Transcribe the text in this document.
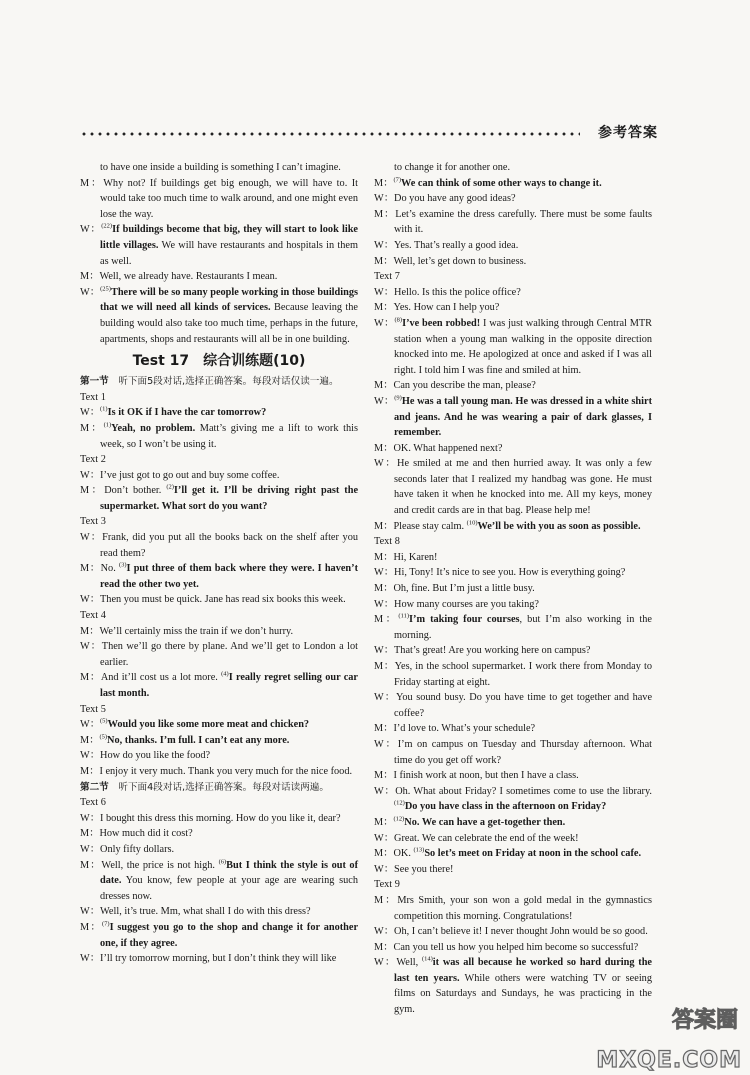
参考答案
to have one inside a building is something I can’t imagine.
M：Why not? If buildings get big enough, we will have to. It would take too much time to walk around, and one might even lose the way.
W：$^{(22)}$If buildings become that big, they will start to look like little villages. We will have restaurants and hospitals in them as well.
M：Well, we already have. Restaurants I mean.
W：$^{(25)}$There will be so many people working in those buildings that we will need all kinds of services. Because leaving the building would also take too much time, perhaps in the future, apartments, shops and restaurants will all be in one building.
Test 17　综合训练题(10)
第一节　听下面5段对话,选择正确答案。每段对话仅读一遍。
Text 1
W：$^{(1)}$Is it OK if I have the car tomorrow?
M：$^{(1)}$Yeah, no problem. Matt’s giving me a lift to work this week, so I won’t be using it.
Text 2
W：I’ve just got to go out and buy some coffee.
M：Don’t bother. $^{(2)}$I’ll get it. I’ll be driving right past the supermarket. What sort do you want?
Text 3
W：Frank, did you put all the books back on the shelf after you read them?
M：No. $^{(3)}$I put three of them back where they were. I haven’t read the other two yet.
W：Then you must be quick. Jane has read six books this week.
Text 4
M：We’ll certainly miss the train if we don’t hurry.
W：Then we’ll go there by plane. And we’ll get to London a lot earlier.
M：And it’ll cost us a lot more. $^{(4)}$I really regret selling our car last month.
Text 5
W：$^{(5)}$Would you like some more meat and chicken?
M：$^{(5)}$No, thanks. I’m full. I can’t eat any more.
W：How do you like the food?
M：I enjoy it very much. Thank you very much for the nice food.
第二节　听下面4段对话,选择正确答案。每段对话读两遍。
Text 6
W：I bought this dress this morning. How do you like it, dear?
M：How much did it cost?
W：Only fifty dollars.
M：Well, the price is not high. $^{(6)}$But I think the style is out of date. You know, few people at your age are wearing such dresses now.
W：Well, it’s true. Mm, what shall I do with this dress?
M：$^{(7)}$I suggest you go to the shop and change it for another one, if they agree.
W：I’ll try tomorrow morning, but I don’t think they will like
to change it for another one.
M：$^{(7)}$We can think of some other ways to change it.
W：Do you have any good ideas?
M：Let’s examine the dress carefully. There must be some faults with it.
W：Yes. That’s really a good idea.
M：Well, let’s get down to business.
Text 7
W：Hello. Is this the police office?
M：Yes. How can I help you?
W：$^{(8)}$I’ve been robbed! I was just walking through Central MTR station when a young man walking in the opposite direction knocked into me. He apologized at once and asked if I was all right. I told him I was fine and smiled at him.
M：Can you describe the man, please?
W：$^{(9)}$He was a tall young man. He was dressed in a white shirt and jeans. And he was wearing a pair of dark glasses, I remember.
M：OK. What happened next?
W：He smiled at me and then hurried away. It was only a few seconds later that I realized my handbag was gone. He must have taken it when he knocked into me. All my keys, money and credit cards are in that bag. Please help me!
M：Please stay calm. $^{(10)}$We’ll be with you as soon as possible.
Text 8
M：Hi, Karen!
W：Hi, Tony! It’s nice to see you. How is everything going?
M：Oh, fine. But I’m just a little busy.
W：How many courses are you taking?
M：$^{(11)}$I’m taking four courses, but I’m also working in the morning.
W：That’s great! Are you working here on campus?
M：Yes, in the school supermarket. I work there from Monday to Friday starting at eight.
W：You sound busy. Do you have time to get together and have coffee?
M：I’d love to. What’s your schedule?
W：I’m on campus on Tuesday and Thursday afternoon. What time do you get off work?
M：I finish work at noon, but then I have a class.
W：Oh. What about Friday? I sometimes come to use the library. $^{(12)}$Do you have class in the afternoon on Friday?
M：$^{(12)}$No. We can have a get-together then.
W：Great. We can celebrate the end of the week!
M：OK. $^{(13)}$So let’s meet on Friday at noon in the school cafe.
W：See you there!
Text 9
M：Mrs Smith, your son won a gold medal in the gymnastics competition this morning. Congratulations!
W：Oh, I can’t believe it! I never thought John would be so good.
M：Can you tell us how you helped him become so successful?
W：Well, $^{(14)}$it was all because he worked so hard during the last ten years. While others were watching TV or seeing films on Saturdays and Sundays, he was practicing in the gym.	答案圈
MXQE.COM
